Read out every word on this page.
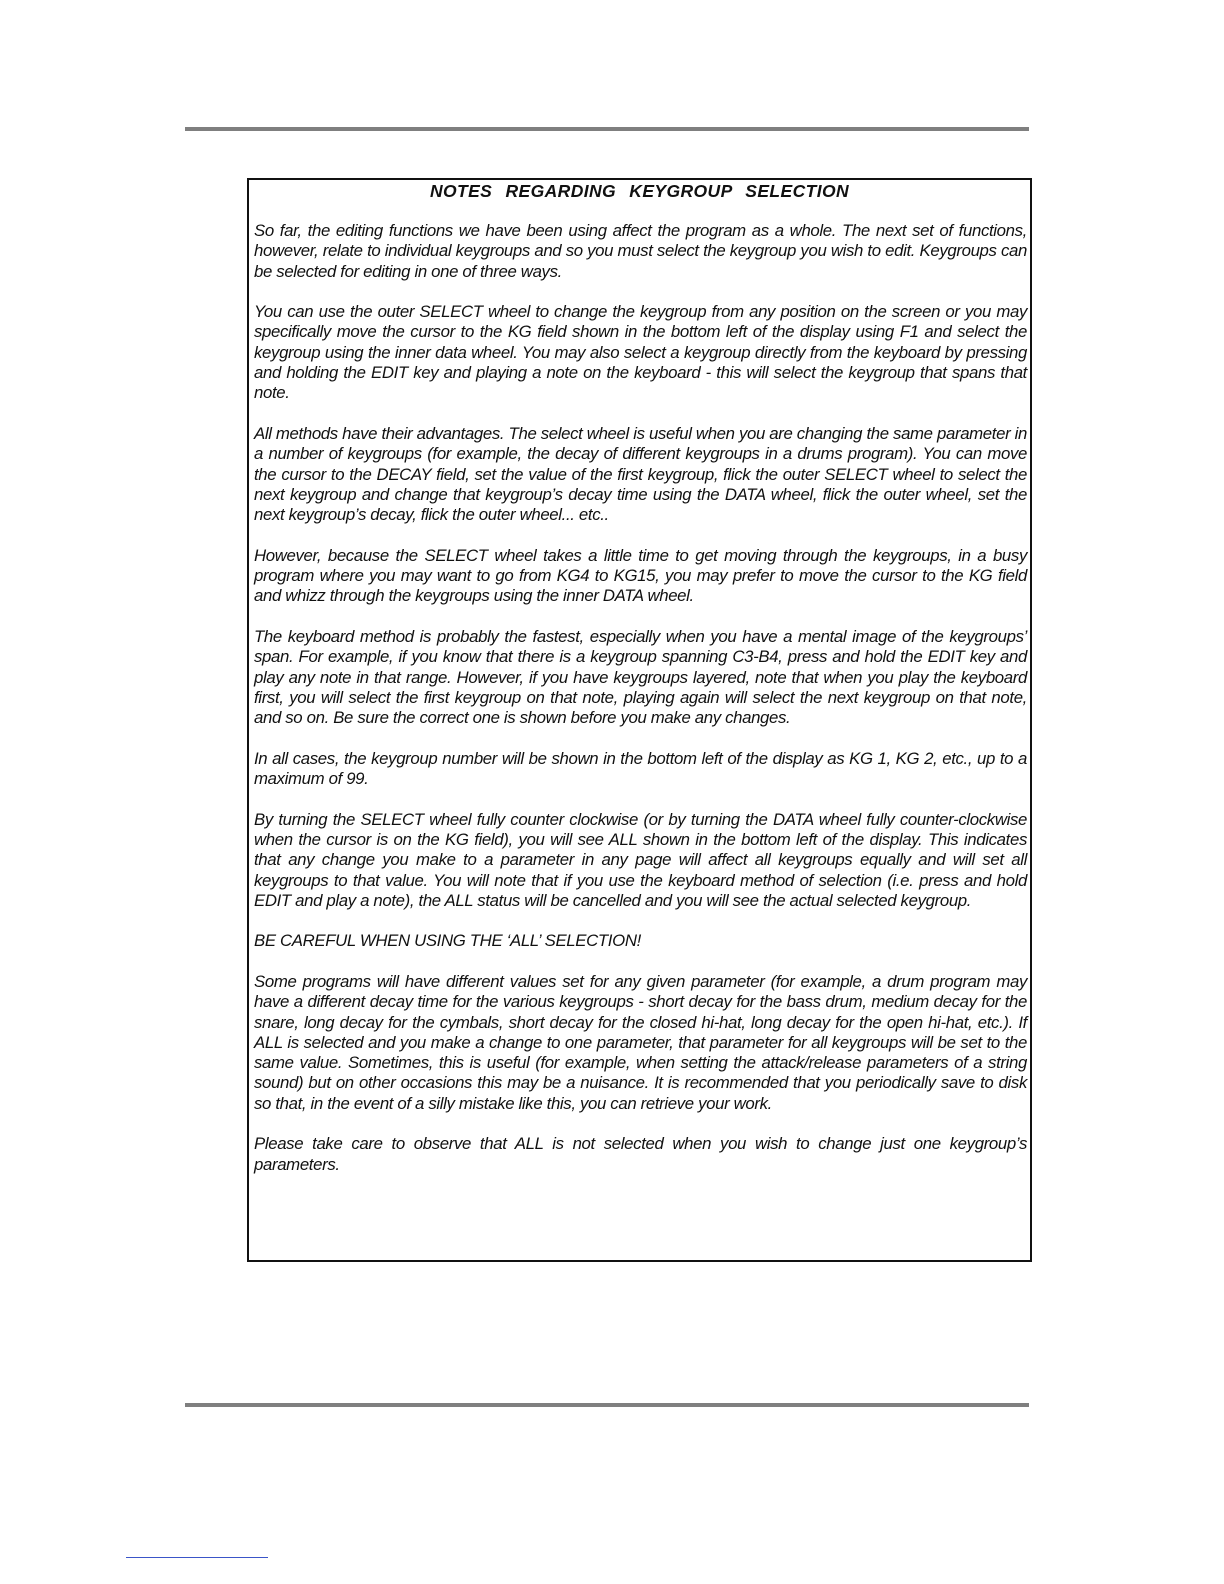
NOTES REGARDING KEYGROUP SELECTION

So far, the editing functions we have been using affect the program as a whole. The next set of functions, however, relate to individual keygroups and so you must select the keygroup you wish to edit. Keygroups can be selected for editing in one of three ways.

You can use the outer SELECT wheel to change the keygroup from any position on the screen or you may specifically move the cursor to the KG field shown in the bottom left of the display using F1 and select the keygroup using the inner data wheel. You may also select a keygroup directly from the keyboard by pressing and holding the EDIT key and playing a note on the keyboard - this will select the keygroup that spans that note.

All methods have their advantages. The select wheel is useful when you are changing the same parameter in a number of keygroups (for example, the decay of different keygroups in a drums program). You can move the cursor to the DECAY field, set the value of the first keygroup, flick the outer SELECT wheel to select the next keygroup and change that keygroup’s decay time using the DATA wheel, flick the outer wheel, set the next keygroup’s decay, flick the outer wheel... etc..

However, because the SELECT wheel takes a little time to get moving through the keygroups, in a busy program where you may want to go from KG4 to KG15, you may prefer to move the cursor to the KG field and whizz through the keygroups using the inner DATA wheel.

The keyboard method is probably the fastest, especially when you have a mental image of the keygroups’ span. For example, if you know that there is a keygroup spanning C3-B4, press and hold the EDIT key and play any note in that range. However, if you have keygroups layered, note that when you play the keyboard first, you will select the first keygroup on that note, playing again will select the next keygroup on that note, and so on. Be sure the correct one is shown before you make any changes.

In all cases, the keygroup number will be shown in the bottom left of the display as KG 1, KG 2, etc., up to a maximum of 99.

By turning the SELECT wheel fully counter clockwise (or by turning the DATA wheel fully counter-clockwise when the cursor is on the KG field), you will see ALL shown in the bottom left of the display. This indicates that any change you make to a parameter in any page will affect all keygroups equally and will set all keygroups to that value. You will note that if you use the keyboard method of selection (i.e. press and hold EDIT and play a note), the ALL status will be cancelled and you will see the actual selected keygroup.

BE CAREFUL WHEN USING THE ‘ALL’ SELECTION!

Some programs will have different values set for any given parameter (for example, a drum program may have a different decay time for the various keygroups - short decay for the bass drum, medium decay for the snare, long decay for the cymbals, short decay for the closed hi-hat, long decay for the open hi-hat, etc.). If ALL is selected and you make a change to one parameter, that parameter for all keygroups will be set to the same value. Sometimes, this is useful (for example, when setting the attack/release parameters of a string sound) but on other occasions this may be a nuisance. It is recommended that you periodically save to disk so that, in the event of a silly mistake like this, you can retrieve your work.

Please take care to observe that ALL is not selected when you wish to change just one keygroup’s parameters.
